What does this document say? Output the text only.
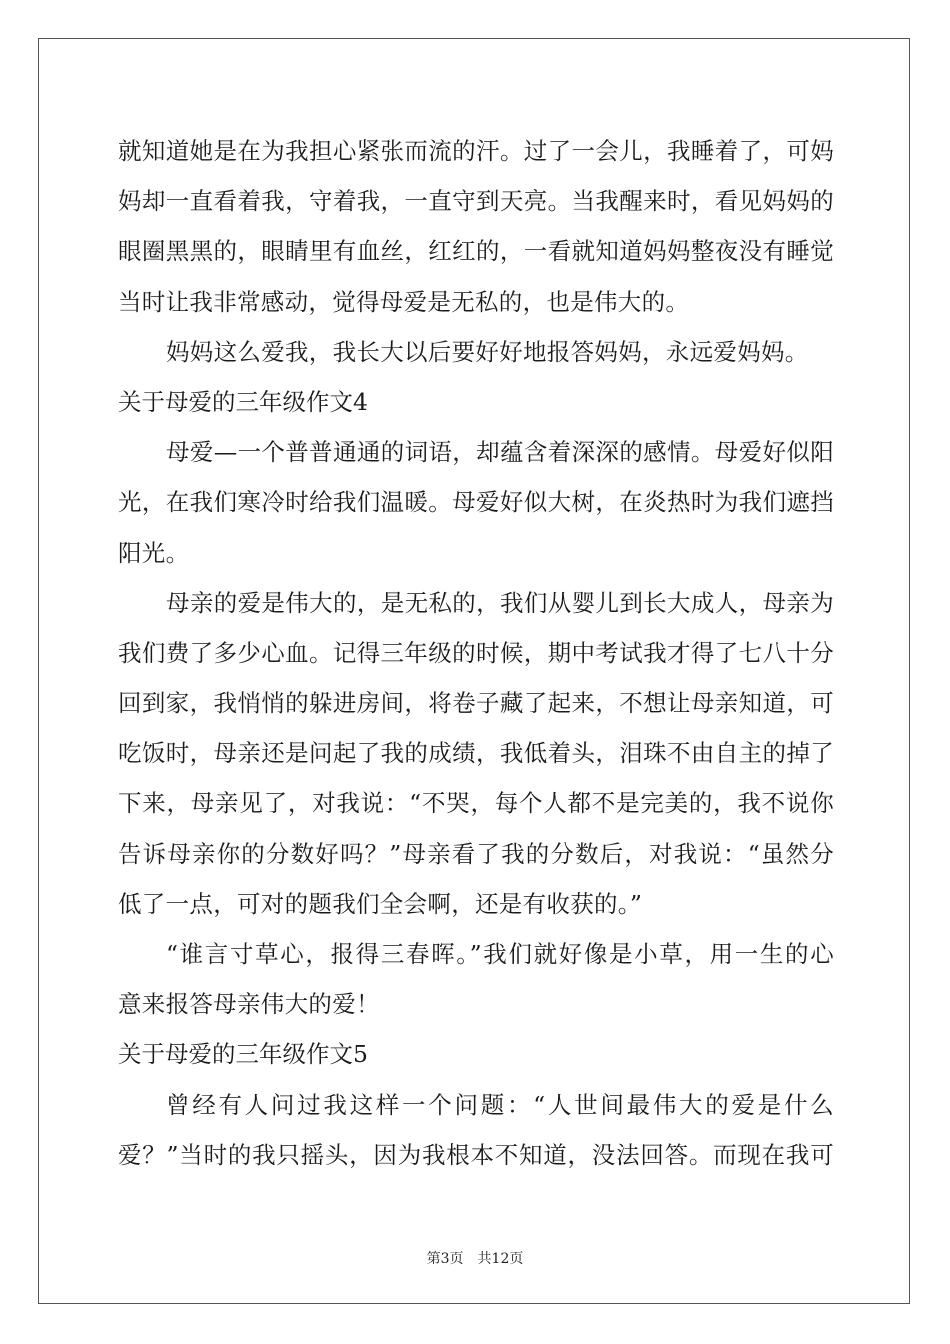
就知道她是在为我担心紧张而流的汗。过了一会儿，我睡着了，可妈
妈却一直看着我，守着我，一直守到天亮。当我醒来时，看见妈妈的
眼圈黑黑的，眼睛里有血丝，红红的，一看就知道妈妈整夜没有睡觉
当时让我非常感动，觉得母爱是无私的，也是伟大的。
妈妈这么爱我，我长大以后要好好地报答妈妈，永远爱妈妈。
关于母爱的三年级作文4
母爱—一个普普通通的词语，却蕴含着深深的感情。母爱好似阳
光，在我们寒冷时给我们温暖。母爱好似大树，在炎热时为我们遮挡
阳光。
母亲的爱是伟大的，是无私的，我们从婴儿到长大成人，母亲为
我们费了多少心血。记得三年级的时候，期中考试我才得了七八十分
回到家，我悄悄的躲进房间，将卷子藏了起来，不想让母亲知道，可
吃饭时，母亲还是问起了我的成绩，我低着头，泪珠不由自主的掉了
下来，母亲见了，对我说：“不哭，每个人都不是完美的，我不说你
告诉母亲你的分数好吗？”母亲看了我的分数后，对我说：“虽然分
低了一点，可对的题我们全会啊，还是有收获的。”
“谁言寸草心，报得三春晖。”我们就好像是小草，用一生的心
意来报答母亲伟大的爱！
关于母爱的三年级作文5
曾经有人问过我这样一个问题：“人世间最伟大的爱是什么
爱？”当时的我只摇头，因为我根本不知道，没法回答。而现在我可
第3页 共12页
